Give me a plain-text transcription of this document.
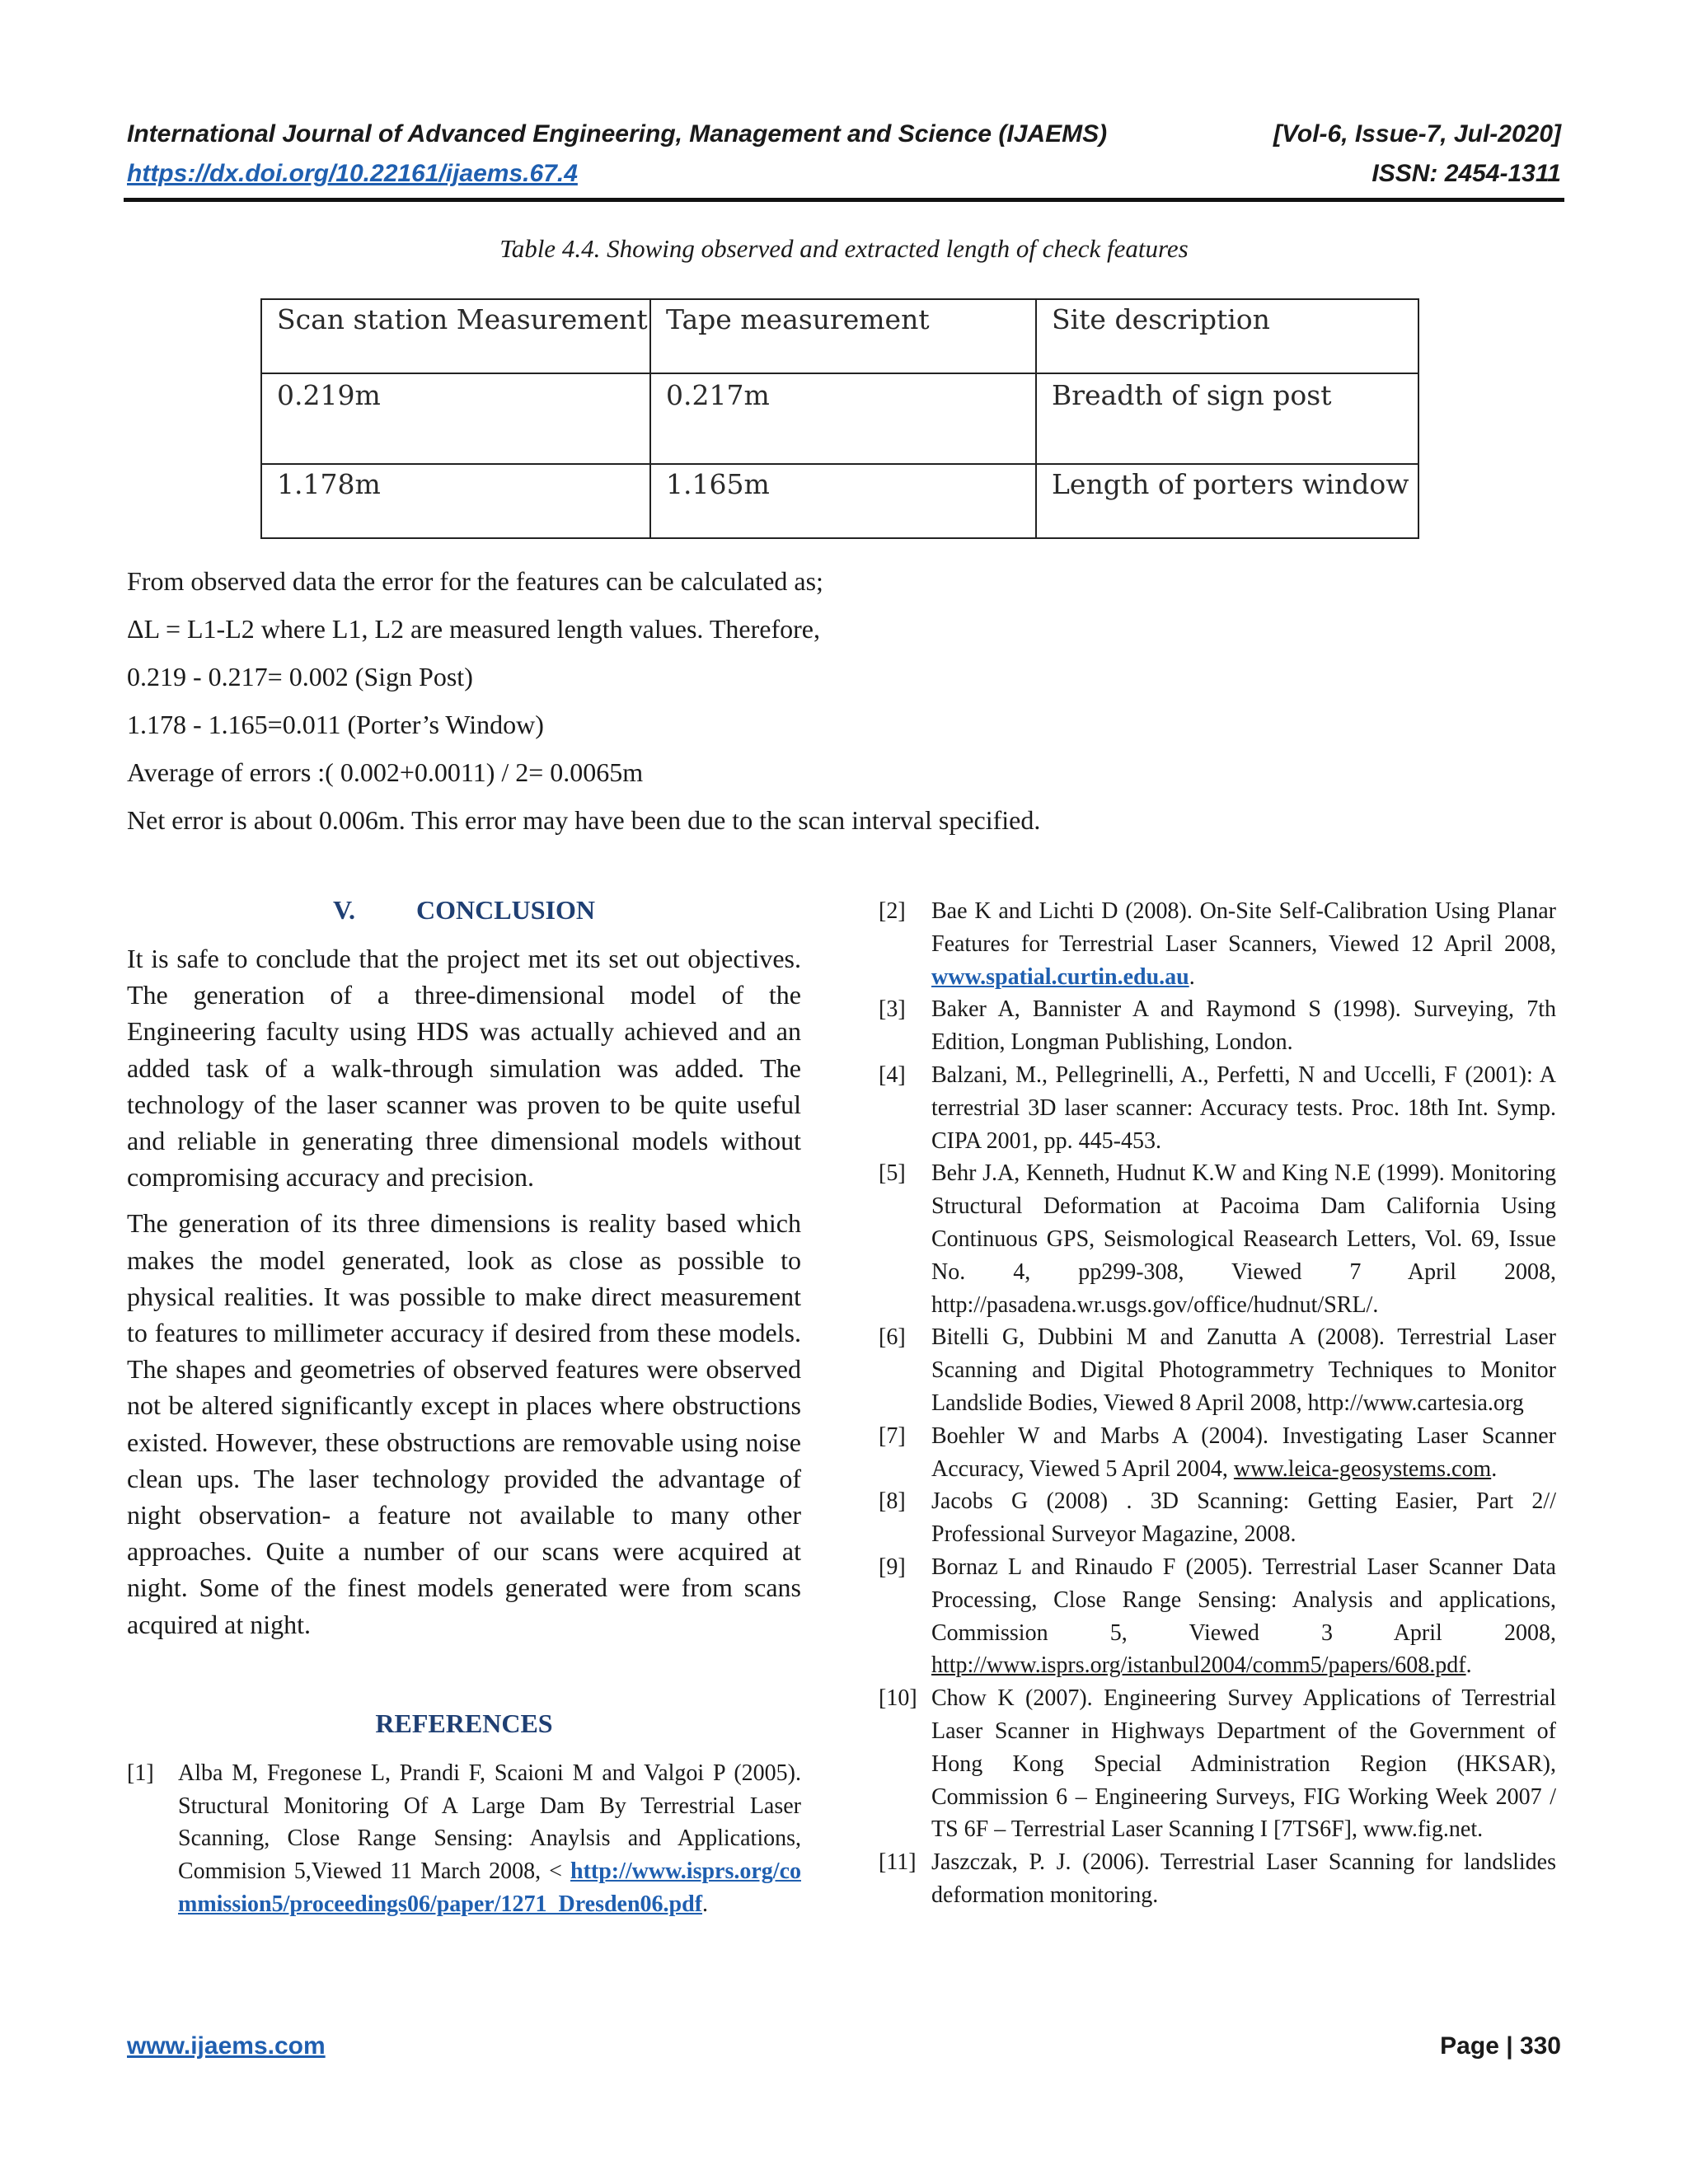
International Journal of Advanced Engineering, Management and Science (IJAEMS)	[Vol-6, Issue-7, Jul-2020]
https://dx.doi.org/10.22161/ijaems.67.4	ISSN: 2454-1311
Table 4.4. Showing observed and extracted length of check features
Scan station Measurement	Tape measurement	Site description
0.219m	0.217m	Breadth of sign post
1.178m	1.165m	Length of porters window
From observed data the error for the features can be calculated as;
ΔL = L1-L2 where L1, L2 are measured length values. Therefore,
0.219 - 0.217= 0.002 (Sign Post)
1.178 - 1.165=0.011 (Porter’s Window)
Average of errors :( 0.002+0.0011) / 2= 0.0065m
Net error is about 0.006m. This error may have been due to the scan interval specified.
V. CONCLUSION

It is safe to conclude that the project met its set out objectives. The generation of a three-dimensional model of the Engineering faculty using HDS was actually achieved and an added task of a walk-through simulation was added. The technology of the laser scanner was proven to be quite useful and reliable in generating three dimensional models without compromising accuracy and precision.

The generation of its three dimensions is reality based which makes the model generated, look as close as possible to physical realities. It was possible to make direct measurement to features to millimeter accuracy if desired from these models. The shapes and geometries of observed features were observed not be altered significantly except in places where obstructions existed. However, these obstructions are removable using noise clean ups. The laser technology provided the advantage of night observation- a feature not available to many other approaches. Quite a number of our scans were acquired at night. Some of the finest models generated were from scans acquired at night.

REFERENCES
[1] Alba M, Fregonese L, Prandi F, Scaioni M and Valgoi P (2005). Structural Monitoring Of A Large Dam By Terrestrial Laser Scanning, Close Range Sensing: Anaylsis and Applications, Commision 5,Viewed 11 March 2008, < http://www.isprs.org/commission5/proceedings06/paper/1271_Dresden06.pdf.
[2] Bae K and Lichti D (2008). On-Site Self-Calibration Using Planar Features for Terrestrial Laser Scanners, Viewed 12 April 2008, www.spatial.curtin.edu.au.
[3] Baker A, Bannister A and Raymond S (1998). Surveying, 7th Edition, Longman Publishing, London.
[4] Balzani, M., Pellegrinelli, A., Perfetti, N and Uccelli, F (2001): A terrestrial 3D laser scanner: Accuracy tests. Proc. 18th Int. Symp. CIPA 2001, pp. 445-453.
[5] Behr J.A, Kenneth, Hudnut K.W and King N.E (1999). Monitoring Structural Deformation at Pacoima Dam California Using Continuous GPS, Seismological Reasearch Letters, Vol. 69, Issue No. 4, pp299-308, Viewed 7 April 2008, http://pasadena.wr.usgs.gov/office/hudnut/SRL/.
[6] Bitelli G, Dubbini M and Zanutta A (2008). Terrestrial Laser Scanning and Digital Photogrammetry Techniques to Monitor Landslide Bodies, Viewed 8 April 2008, http://www.cartesia.org
[7] Boehler W and Marbs A (2004). Investigating Laser Scanner Accuracy, Viewed 5 April 2004, www.leica-geosystems.com.
[8] Jacobs G (2008) . 3D Scanning: Getting Easier, Part 2// Professional Surveyor Magazine, 2008.
[9] Bornaz L and Rinaudo F (2005). Terrestrial Laser Scanner Data Processing, Close Range Sensing: Analysis and applications, Commission 5, Viewed 3 April 2008, http://www.isprs.org/istanbul2004/comm5/papers/608.pdf.
[10] Chow K (2007). Engineering Survey Applications of Terrestrial Laser Scanner in Highways Department of the Government of Hong Kong Special Administration Region (HKSAR), Commission 6 – Engineering Surveys, FIG Working Week 2007 / TS 6F – Terrestrial Laser Scanning I [7TS6F], www.fig.net.
[11] Jaszczak, P. J. (2006). Terrestrial Laser Scanning for landslides deformation monitoring.
www.ijaems.com	Page | 330
